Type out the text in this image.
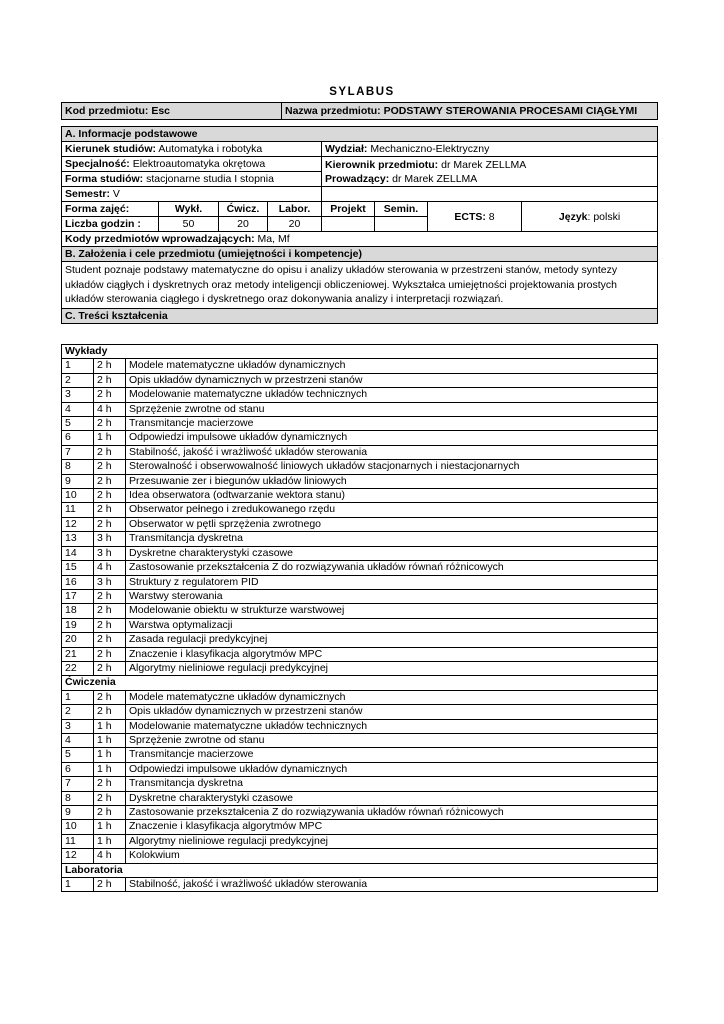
SYLABUS
Kod przedmiotu: Esc	Nazwa przedmiotu: PODSTAWY STEROWANIA PROCESAMI CIĄGŁYMI
A. Informacje podstawowe							
Kierunek studiów: Automatyka i robotyka				Wydział: Mechaniczno-Elektryczny			
Specjalność: Elektroautomatyka okrętowa				Kierownik przedmiotu: dr Marek ZELLMA
Prowadzący: dr Marek ZELLMA			
Forma studiów: stacjonarne studia I stopnia							
Semestr: V							
Forma zajęć:	Wykł.	Ćwicz.	Labor.	Projekt	Semin.	ECTS: 8	Język: polski
Liczba godzin :	50	20	20				
Kody przedmiotów wprowadzających: Ma, Mf							
B. Założenia i cele przedmiotu (umiejętności i kompetencje)							
Student poznaje podstawy matematyczne do opisu i analizy układów sterowania w przestrzeni stanów, metody syntezy układów ciągłych i dyskretnych oraz metody inteligencji obliczeniowej. Wykształca umiejętności projektowania prostych układów sterowania ciągłego i dyskretnego oraz dokonywania analizy i interpretacji rozwiązań.							
C. Treści kształcenia							
Wykłady		
1	2 h	Modele matematyczne układów dynamicznych
2	2 h	Opis układów dynamicznych w przestrzeni stanów
3	2 h	Modelowanie matematyczne układów technicznych
4	4 h	Sprzężenie zwrotne od stanu
5	2 h	Transmitancje macierzowe
6	1 h	Odpowiedzi impulsowe układów dynamicznych
7	2 h	Stabilność, jakość i wrażliwość układów sterowania
8	2 h	Sterowalność i obserwowalność liniowych układów stacjonarnych i niestacjonarnych
9	2 h	Przesuwanie zer i biegunów układów liniowych
10	2 h	Idea obserwatora (odtwarzanie wektora stanu)
11	2 h	Obserwator pełnego i zredukowanego rzędu
12	2 h	Obserwator w pętli sprzężenia zwrotnego
13	3 h	Transmitancja dyskretna
14	3 h	Dyskretne charakterystyki czasowe
15	4 h	Zastosowanie przekształcenia Z do rozwiązywania układów równań różnicowych
16	3 h	Struktury z regulatorem PID
17	2 h	Warstwy sterowania
18	2 h	Modelowanie obiektu w strukturze warstwowej
19	2 h	Warstwa optymalizacji
20	2 h	Zasada regulacji predykcyjnej
21	2 h	Znaczenie i klasyfikacja algorytmów MPC
22	2 h	Algorytmy nieliniowe regulacji predykcyjnej
Ćwiczenia		
1	2 h	Modele matematyczne układów dynamicznych
2	2 h	Opis układów dynamicznych w przestrzeni stanów
3	1 h	Modelowanie matematyczne układów technicznych
4	1 h	Sprzężenie zwrotne od stanu
5	1 h	Transmitancje macierzowe
6	1 h	Odpowiedzi impulsowe układów dynamicznych
7	2 h	Transmitancja dyskretna
8	2 h	Dyskretne charakterystyki czasowe
9	2 h	Zastosowanie przekształcenia Z do rozwiązywania układów równań różnicowych
10	1 h	Znaczenie i klasyfikacja algorytmów MPC
11	1 h	Algorytmy nieliniowe regulacji predykcyjnej
12	4 h	Kolokwium
Laboratoria		
1	2 h	Stabilność, jakość i wrażliwość układów sterowania
